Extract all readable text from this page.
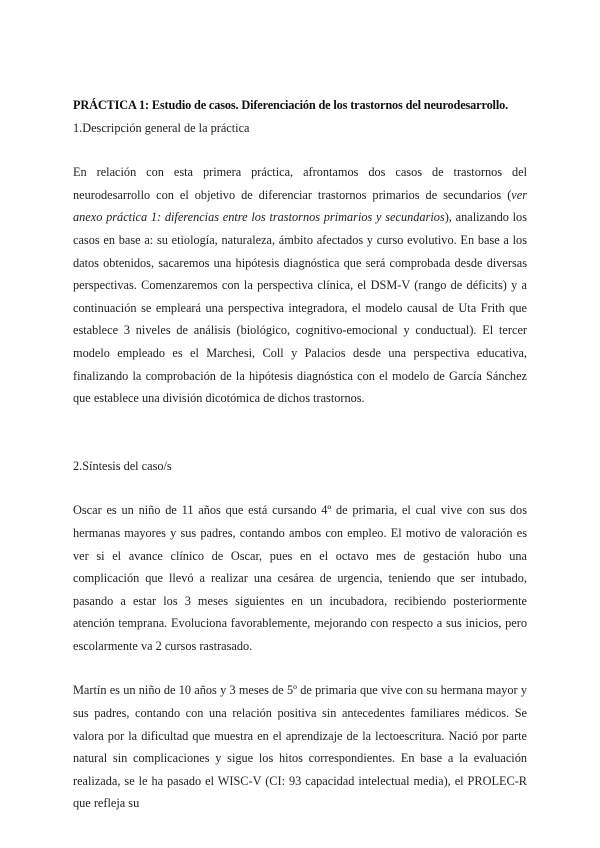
PRÁCTICA 1: Estudio de casos. Diferenciación de los trastornos del neurodesarrollo.
1.Descripción general de la práctica

En relación con esta primera práctica, afrontamos dos casos de trastornos del neurodesarrollo con el objetivo de diferenciar trastornos primarios de secundarios (ver anexo práctica 1: diferencias entre los trastornos primarios y secundarios), analizando los casos en base a: su etiología, naturaleza, ámbito afectados y curso evolutivo. En base a los datos obtenidos, sacaremos una hipótesis diagnóstica que será comprobada desde diversas perspectivas. Comenzaremos con la perspectiva clínica, el DSM-V (rango de déficits) y a continuación se empleará una perspectiva integradora, el modelo causal de Uta Frith que establece 3 niveles de análisis (biológico, cognitivo-emocional y conductual). El tercer modelo empleado es el Marchesi, Coll y Palacios desde una perspectiva educativa, finalizando la comprobación de la hipótesis diagnóstica con el modelo de García Sánchez que establece una división dicotómica de dichos trastornos.

2.Síntesis del caso/s

Oscar es un niño de 11 años que está cursando 4º de primaria, el cual vive con sus dos hermanas mayores y sus padres, contando ambos con empleo. El motivo de valoración es ver si el avance clínico de Oscar, pues en el octavo mes de gestación hubo una complicación que llevó a realizar una cesárea de urgencia, teniendo que ser intubado, pasando a estar los 3 meses siguientes en un incubadora, recibiendo posteriormente atención temprana. Evoluciona favorablemente, mejorando con respecto a sus inicios, pero escolarmente va 2 cursos rastrasado.

Martín es un niño de 10 años y 3 meses de 5º de primaria que vive con su hermana mayor y sus padres, contando con una relación positiva sin antecedentes familiares médicos. Se valora por la dificultad que muestra en el aprendizaje de la lectoescritura. Nació por parte natural sin complicaciones y sigue los hitos correspondientes. En base a la evaluación realizada, se le ha pasado el WISC-V (CI: 93 capacidad intelectual media), el PROLEC-R que refleja su
